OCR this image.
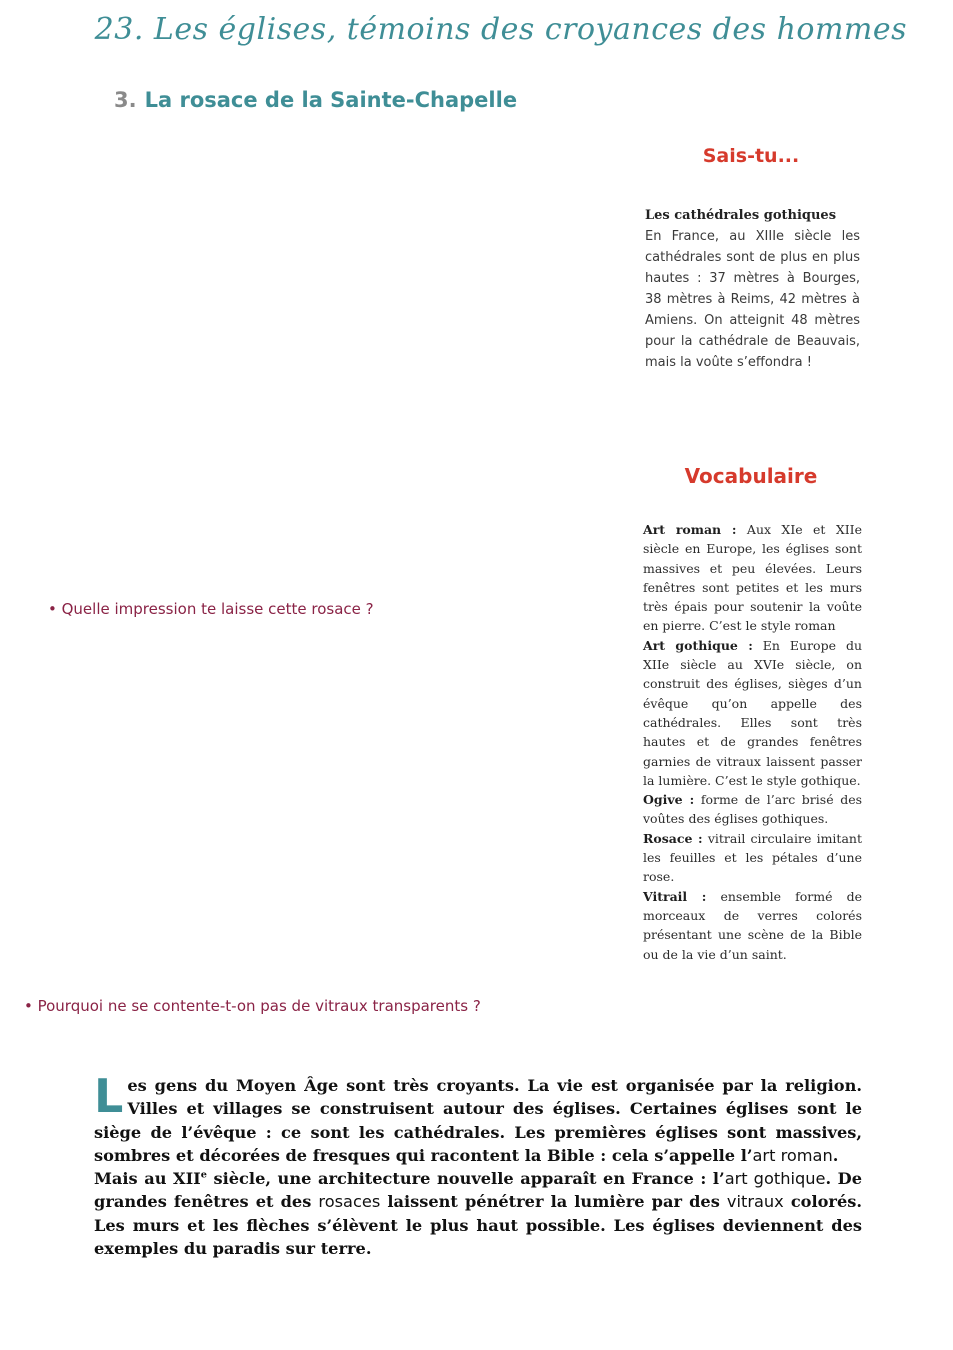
23. Les églises, témoins des croyances des hommes
3. La rosace de la Sainte-Chapelle
Sais-tu...
Les cathédrales gothiques
En France, au XIIIe siècle les cathédrales sont de plus en plus hautes : 37 mètres à Bourges, 38 mètres à Reims, 42 mètres à Amiens. On atteignit 48 mètres pour la cathédrale de Beauvais, mais la voûte s’effondra !
Vocabulaire

Art roman : Aux XIe et XIIe siècle en Europe, les églises sont massives et peu élevées. Leurs fenêtres sont petites et les murs très épais pour soutenir la voûte en pierre. C’est le style roman

Art gothique : En Europe du XIIe siècle au XVIe siècle, on construit des églises, sièges d’un évêque qu’on appelle des cathédrales. Elles sont très hautes et de grandes fenêtres garnies de vitraux laissent passer la lumière. C’est le style gothique.

Ogive : forme de l’arc brisé des voûtes des églises gothiques.

Rosace : vitrail circulaire imitant les feuilles et les pétales d’une rose.

Vitrail : ensemble formé de morceaux de verres colorés présentant une scène de la Bible ou de la vie d’un saint.

• Quelle impression te laisse cette rosace ?
• Pourquoi ne se contente-t-on pas de vitraux transparents ?

Les gens du Moyen Âge sont très croyants. La vie est organisée par la religion. Villes et villages se construisent autour des églises. Certaines églises sont le siège de l’évêque : ce sont les cathédrales. Les premières églises sont massives, sombres et décorées de fresques qui racontent la Bible : cela s’appelle l’art roman.

Mais au XIIe siècle, une architecture nouvelle apparaît en France : l’art gothique. De grandes fenêtres et des rosaces laissent pénétrer la lumière par des vitraux colorés. Les murs et les flèches s’élèvent le plus haut possible. Les églises deviennent des exemples du paradis sur terre.
